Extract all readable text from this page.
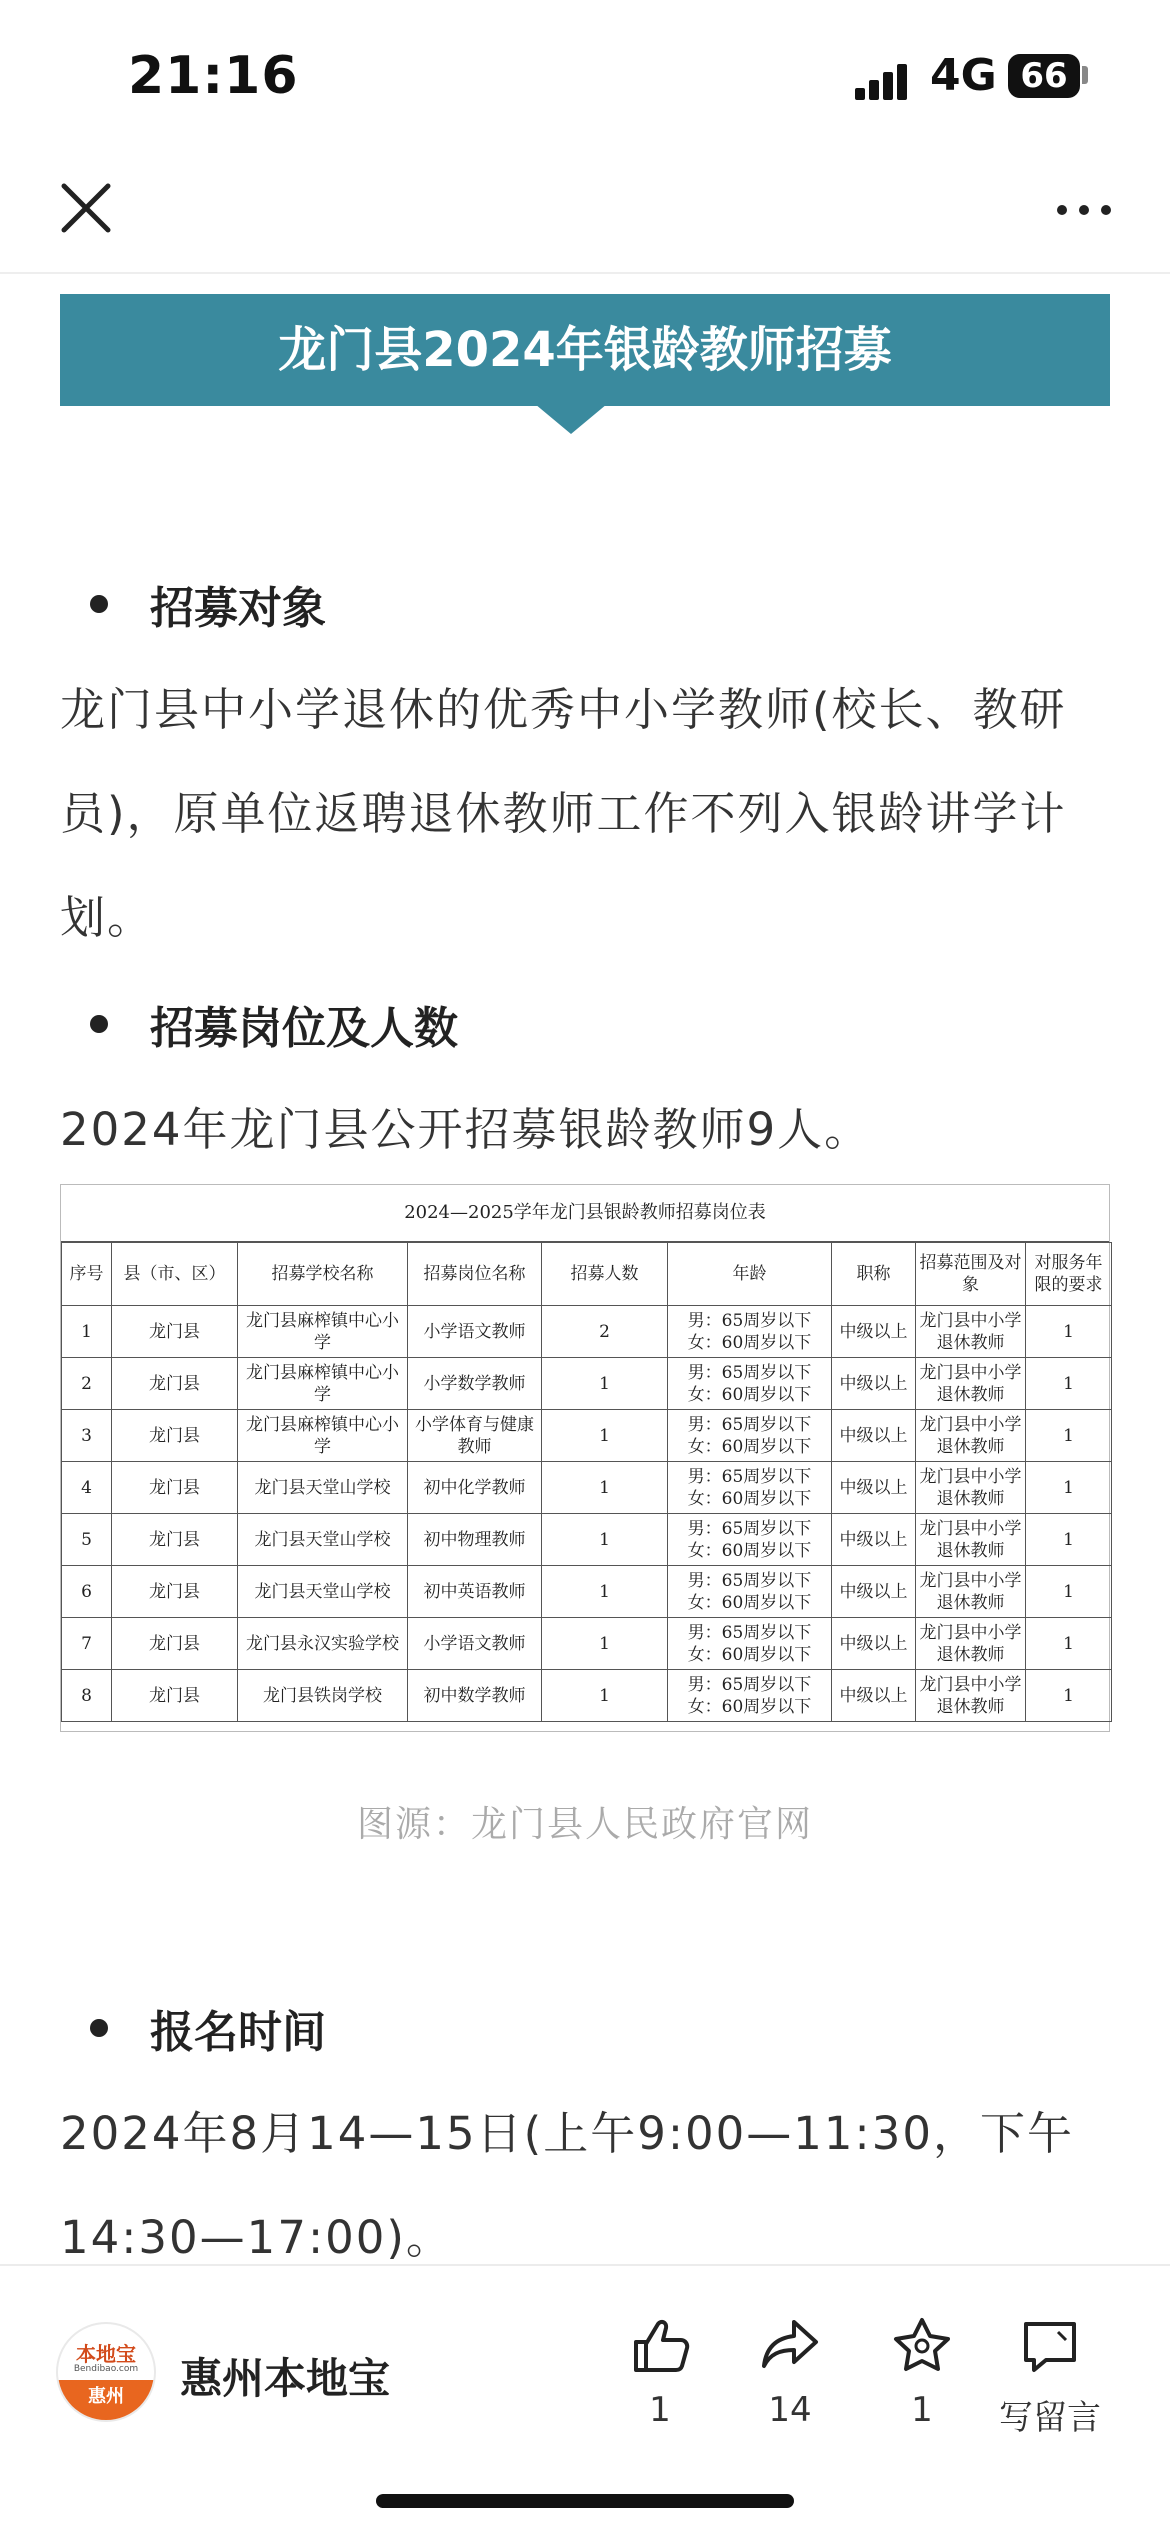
21:16	4G 66
龙门县2024年银龄教师招募
招募对象
龙门县中小学退休的优秀中小学教师(校长、教研员)，原单位返聘退休教师工作不列入银龄讲学计划。
招募岗位及人数
2024年龙门县公开招募银龄教师9人。
2024—2025学年龙门县银龄教师招募岗位表
序号	县（市、区）	招募学校名称	招募岗位名称	招募人数	年龄	职称	招募范围及对象	对服务年限的要求
1	龙门县	龙门县麻榨镇中心小学	小学语文教师	2	男：65周岁以下 女：60周岁以下	中级以上	龙门县中小学退休教师	1
2	龙门县	龙门县麻榨镇中心小学	小学数学教师	1	男：65周岁以下 女：60周岁以下	中级以上	龙门县中小学退休教师	1
3	龙门县	龙门县麻榨镇中心小学	小学体育与健康教师	1	男：65周岁以下 女：60周岁以下	中级以上	龙门县中小学退休教师	1
4	龙门县	龙门县天堂山学校	初中化学教师	1	男：65周岁以下 女：60周岁以下	中级以上	龙门县中小学退休教师	1
5	龙门县	龙门县天堂山学校	初中物理教师	1	男：65周岁以下 女：60周岁以下	中级以上	龙门县中小学退休教师	1
6	龙门县	龙门县天堂山学校	初中英语教师	1	男：65周岁以下 女：60周岁以下	中级以上	龙门县中小学退休教师	1
7	龙门县	龙门县永汉实验学校	小学语文教师	1	男：65周岁以下 女：60周岁以下	中级以上	龙门县中小学退休教师	1
8	龙门县	龙门县铁岗学校	初中数学教师	1	男：65周岁以下 女：60周岁以下	中级以上	龙门县中小学退休教师	1
图源：龙门县人民政府官网
报名时间
2024年8月14—15日(上午9:00—11:30，下午14:30—17:00)。
本地宝
Bendibao.com
惠州	惠州本地宝
1	14	1	写留言
